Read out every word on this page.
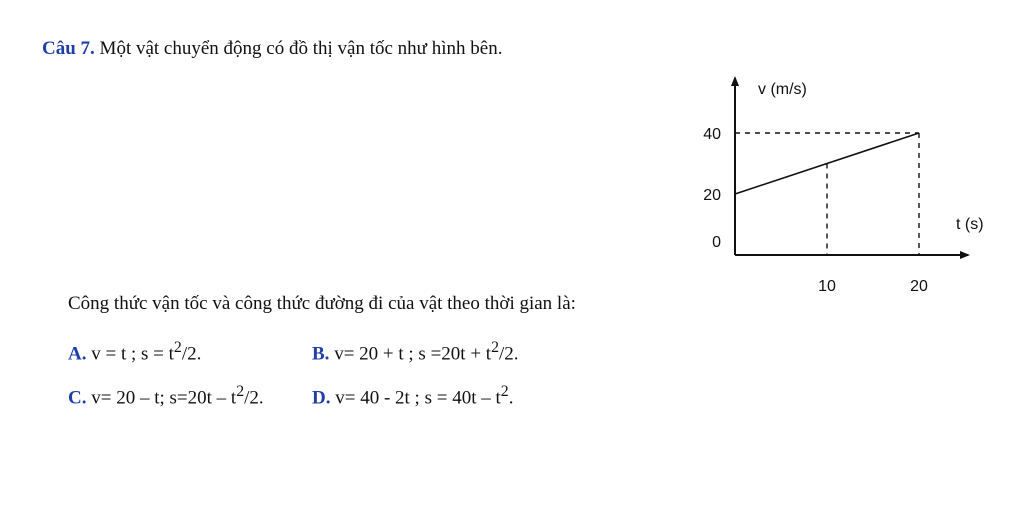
Câu 7. Một vật chuyển động có đồ thị vận tốc như hình bên.
Công thức vận tốc và công thức đường đi của vật theo thời gian là:
A. v = t ; $s = t^2/2$.	B. v= 20 + t ; $s =20t + t^2/2$.
C. v= 20 – t; $s=20t - t^2/2$.	D. v= 40 - 2t ; $s = 40t - t^2$.
v (m/s)
t (s)
0
20
40
10	20
